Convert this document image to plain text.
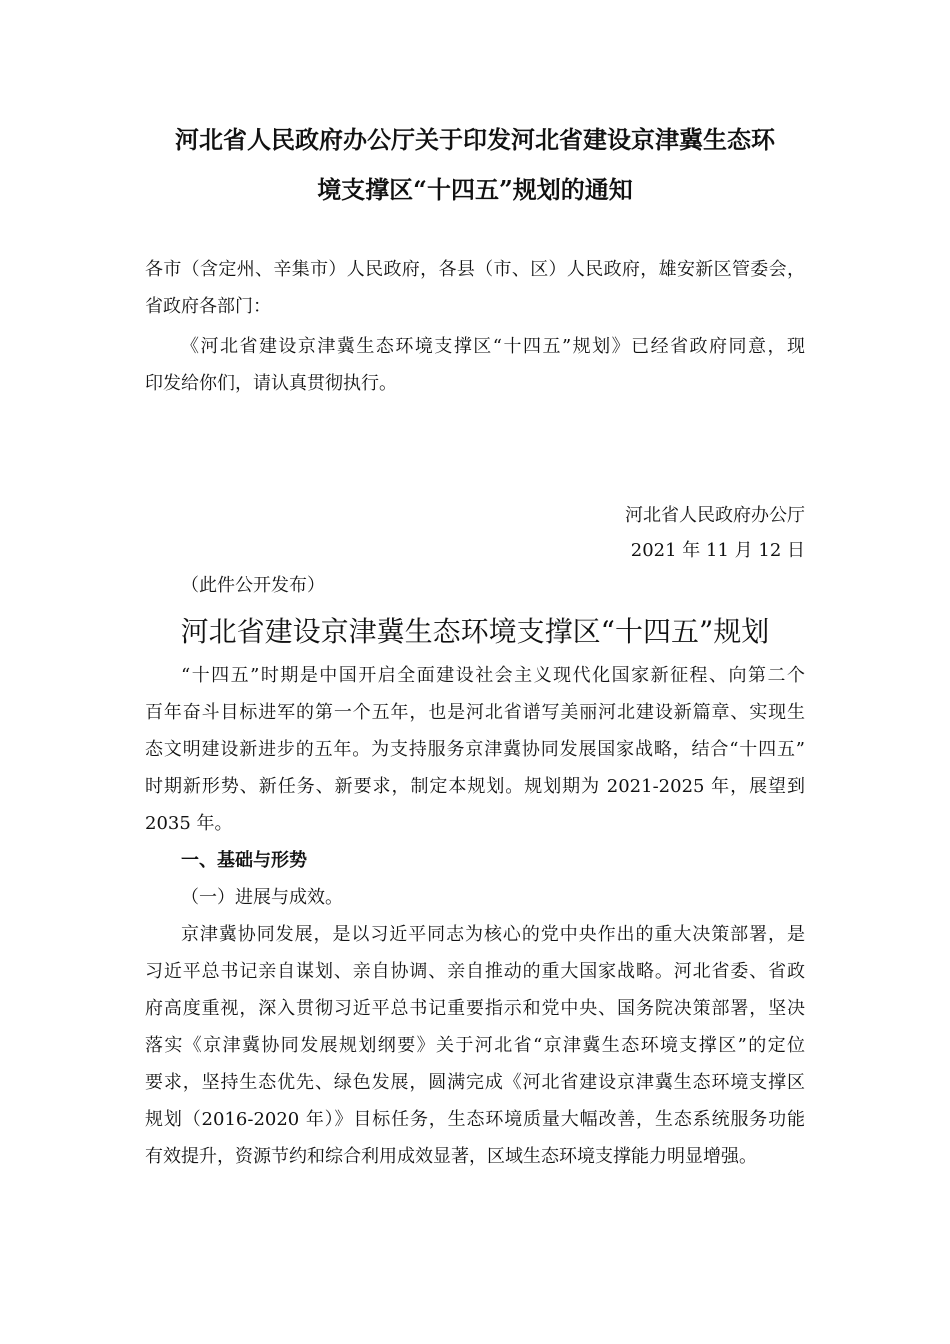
河北省人民政府办公厅关于印发河北省建设京津冀生态环
境支撑区“十四五”规划的通知
各市（含定州、辛集市）人民政府，各县（市、区）人民政府，雄安新区管委会，
省政府各部门：
《河北省建设京津冀生态环境支撑区“十四五”规划》已经省政府同意，现
印发给你们，请认真贯彻执行。
河北省人民政府办公厅
2021 年 11 月 12 日
（此件公开发布）
河北省建设京津冀生态环境支撑区“十四五”规划
“十四五”时期是中国开启全面建设社会主义现代化国家新征程、向第二个
百年奋斗目标进军的第一个五年，也是河北省谱写美丽河北建设新篇章、实现生
态文明建设新进步的五年。为支持服务京津冀协同发展国家战略，结合“十四五”
时期新形势、新任务、新要求，制定本规划。规划期为 2021-2025 年，展望到
2035 年。
一、基础与形势
（一）进展与成效。
京津冀协同发展，是以习近平同志为核心的党中央作出的重大决策部署，是
习近平总书记亲自谋划、亲自协调、亲自推动的重大国家战略。河北省委、省政
府高度重视，深入贯彻习近平总书记重要指示和党中央、国务院决策部署，坚决
落实《京津冀协同发展规划纲要》关于河北省“京津冀生态环境支撑区”的定位
要求，坚持生态优先、绿色发展，圆满完成《河北省建设京津冀生态环境支撑区
规划（2016-2020 年）》目标任务，生态环境质量大幅改善，生态系统服务功能
有效提升，资源节约和综合利用成效显著，区域生态环境支撑能力明显增强。
